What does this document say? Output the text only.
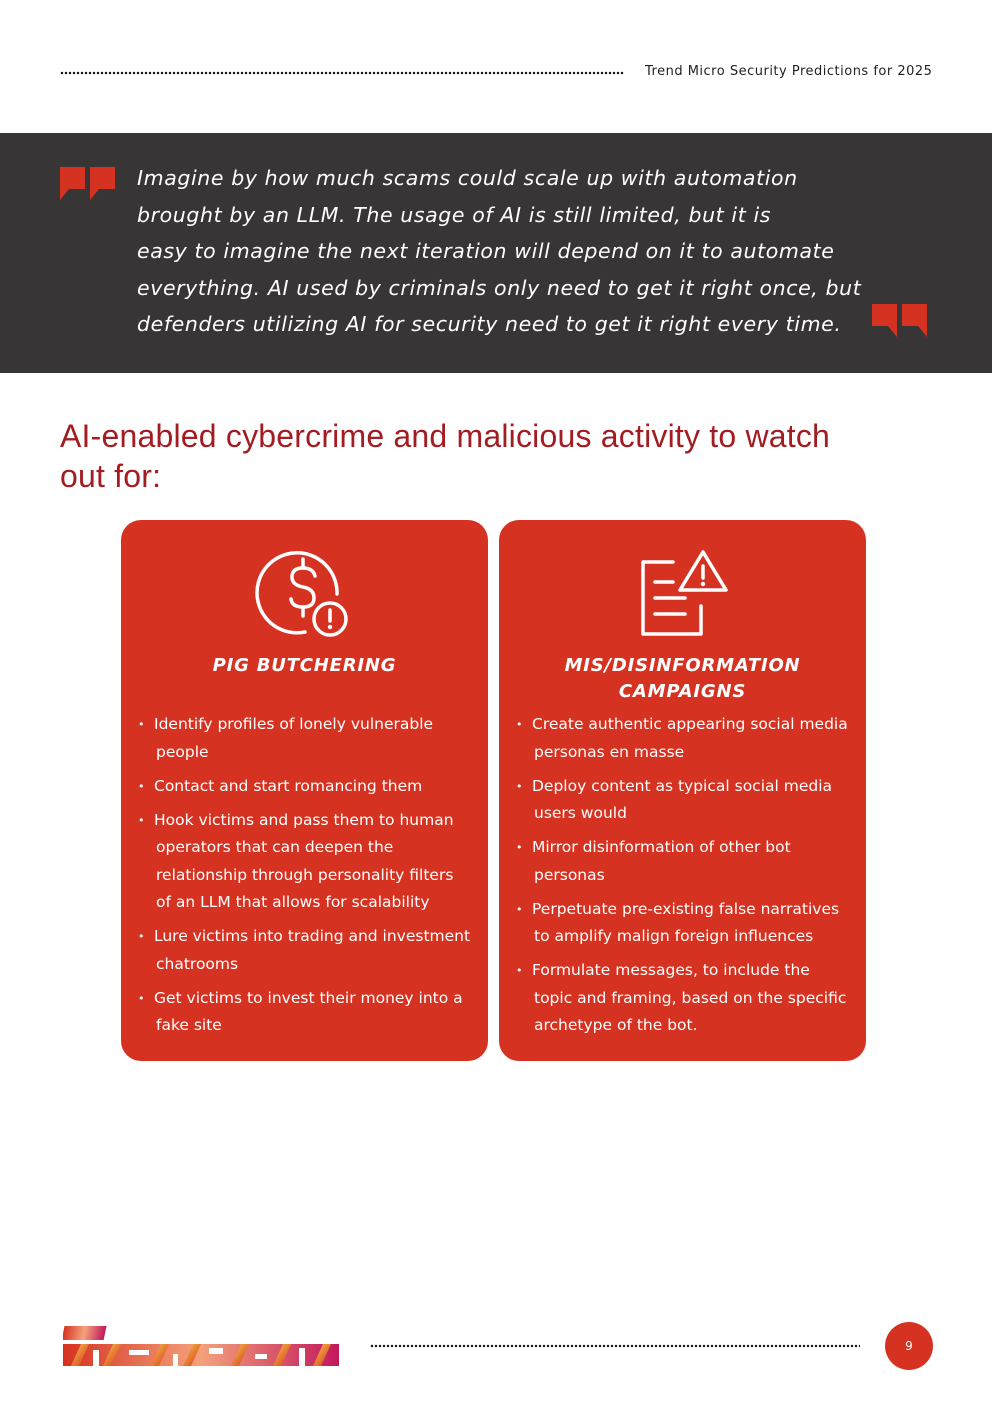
Trend Micro Security Predictions for 2025
Imagine by how much scams could scale up with automation
brought by an LLM. The usage of AI is still limited, but it is
easy to imagine the next iteration will depend on it to automate
everything. AI used by criminals only need to get it right once, but
defenders utilizing AI for security need to get it right every time.
AI-enabled cybercrime and malicious activity to watch
out for:
PIG BUTCHERING
• Identify profiles of lonely vulnerable
people
• Contact and start romancing them
• Hook victims and pass them to human
operators that can deepen the
relationship through personality filters
of an LLM that allows for scalability
• Lure victims into trading and investment
chatrooms
• Get victims to invest their money into a
fake site
MIS/DISINFORMATION
CAMPAIGNS
• Create authentic appearing social media
personas en masse
• Deploy content as typical social media
users would
• Mirror disinformation of other bot
personas
• Perpetuate pre-existing false narratives
to amplify malign foreign influences
• Formulate messages, to include the
topic and framing, based on the specific
archetype of the bot.
9
